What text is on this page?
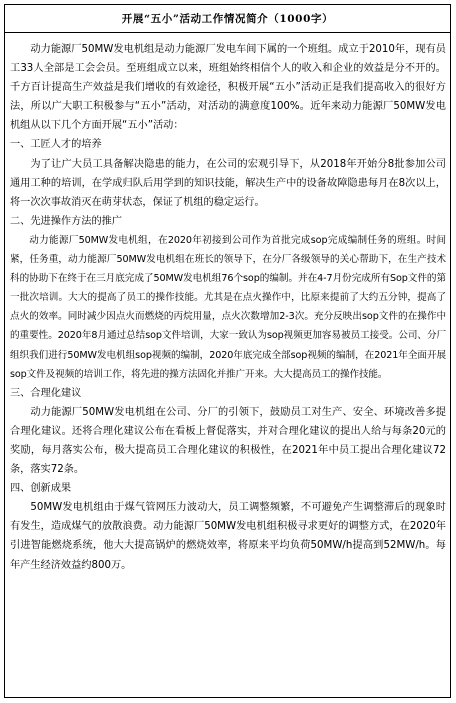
开展“五小”活动工作情况简介（1000字）

动力能源厂50MW发电机组是动力能源厂发电车间下属的一个班组。成立于2010年，现有员工33人全部是工会会员。至班组成立以来，班组始终相信个人的收入和企业的效益是分不开的。千方百计提高生产效益是我们增收的有效途径，积极开展“五小”活动正是我们提高收入的很好方法，所以广大职工积极参与“五小”活动，对活动的满意度100%。近年来动力能源厂50MW发电机组从以下几个方面开展“五小”活动：

一、工匠人才的培养

为了让广大员工具备解决隐患的能力，在公司的宏观引导下，从2018年开始分8批参加公司通用工种的培训，在学成归队后用学到的知识技能，解决生产中的设备故障隐患每月在8次以上，将一次次事故消灭在萌芽状态，保证了机组的稳定运行。

二、先进操作方法的推广

动力能源厂50MW发电机组，在2020年初接到公司作为首批完成sop完成编制任务的班组。时间紧，任务重，动力能源厂50MW发电机组在班长的领导下，在分厂各级领导的关心帮助下，在生产技术科的协助下在终于在三月底完成了50MW发电机组76个sop的编制。并在4-7月份完成所有Sop文件的第一批次培训。大大的提高了员工的操作技能。尤其是在点火操作中，比原来提前了大约五分钟，提高了点火的效率。同时减少因点火而燃烧的丙烷用量，点火次数增加2-3次。充分反映出sop文件的在操作中的重要性。2020年8月通过总结sop文件培训，大家一致认为sop视频更加容易被员工接受。公司、分厂组织我们进行50MW发电机组sop视频的编制，2020年底完成全部sop视频的编制，在2021年全面开展sop文件及视频的培训工作，将先进的操方法固化并推广开来。大大提高员工的操作技能。

三、合理化建议

动力能源厂50MW发电机组在公司、分厂的引领下，鼓励员工对生产、安全、环境改善多提合理化建议。还将合理化建议公布在看板上督促落实，并对合理化建议的提出人给与每条20元的奖励，每月落实公布，极大提高员工合理化建议的积极性，在2021年中员工提出合理化建议72条，落实72条。

四、创新成果

50MW发电机组由于煤气管网压力波动大，员工调整频繁，不可避免产生调整滞后的现象时有发生，造成煤气的放散浪费。动力能源厂50MW发电机组积极寻求更好的调整方式，在2020年引进智能燃烧系统，他大大提高锅炉的燃烧效率，将原来平均负荷50MW/h提高到52MW/h。每年产生经济效益约800万。
